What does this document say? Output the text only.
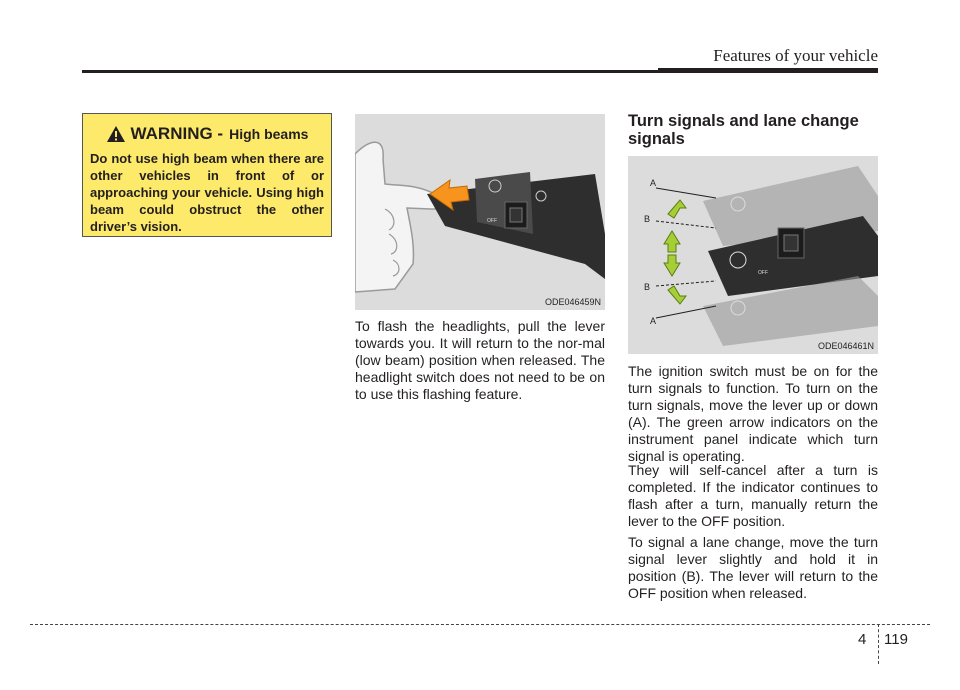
Features of your vehicle
WARNING - High beams
Do not use high beam when there are other vehicles in front of or approaching your vehicle. Using high beam could obstruct the other driver’s vision.	OFF
ODE046459N
To flash the headlights, pull the lever towards you. It will return to the nor-mal (low beam) position when released. The headlight switch does not need to be on to use this flashing feature.
Turn signals and lane change signals
OFF
A
B
B
A
ODE046461N
The ignition switch must be on for the turn signals to function. To turn on the turn signals, move the lever up or down (A). The green arrow indicators on the instrument panel indicate which turn signal is operating.
They will self-cancel after a turn is completed. If the indicator continues to flash after a turn, manually return the lever to the OFF position.
To signal a lane change, move the turn signal lever slightly and hold it in position (B). The lever will return to the OFF position when released.
4 119
